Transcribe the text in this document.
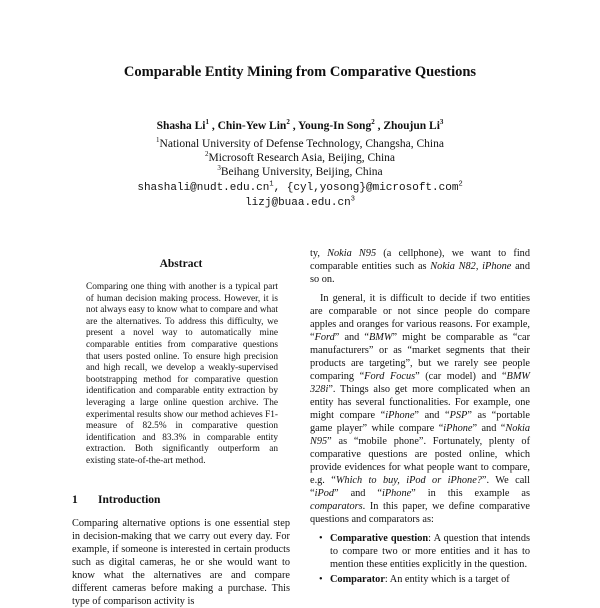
Comparable Entity Mining from Comparative Questions
Shasha Li$^1$ , Chin-Yew Lin$^2$ , Young-In Song$^2$ , Zhoujun Li$^3$
$^1$National University of Defense Technology, Changsha, China
$^2$Microsoft Research Asia, Beijing, China
$^3$Beihang University, Beijing, China
$shashali@nudt.edu.cn^1$, {cyl,yosong}@microsoft.com$^2$
$lizj@buaa.edu.cn^3$
Abstract
Comparing one thing with another is a typical part of human decision making process. However, it is not always easy to know what to compare and what are the alternatives. To address this difficulty, we present a novel way to automatically mine comparable entities from comparative questions that users posted online. To ensure high precision and high recall, we develop a weakly-supervised bootstrapping method for comparative question identification and comparable entity extraction by leveraging a large online question archive. The experimental results show our method achieves F1-measure of 82.5% in comparative question identification and 83.3% in comparable entity extraction. Both significantly outperform an existing state-of-the-art method.
1 Introduction
Comparing alternative options is one essential step in decision-making that we carry out every day. For example, if someone is interested in certain products such as digital cameras, he or she would want to know what the alternatives are and compare different cameras before making a purchase. This type of comparison activity is

ty, Nokia N95 (a cellphone), we want to find comparable entities such as Nokia N82, iPhone and so on.

In general, it is difficult to decide if two entities are comparable or not since people do compare apples and oranges for various reasons. For example, “Ford” and “BMW” might be comparable as “car manufacturers” or as “market segments that their products are targeting”, but we rarely see people comparing “Ford Focus” (car model) and “BMW 328i”. Things also get more complicated when an entity has several functionalities. For example, one might compare “iPhone” and “PSP” as “portable game player” while compare “iPhone” and “Nokia N95” as “mobile phone”. Fortunately, plenty of comparative questions are posted online, which provide evidences for what people want to compare, e.g. “Which to buy, iPod or iPhone?”. We call “iPod” and “iPhone” in this example as comparators. In this paper, we define comparative questions and comparators as:

• Comparative question: A question that intends to compare two or more entities and it has to mention these entities explicitly in the question.
• Comparator: An entity which is a target of
